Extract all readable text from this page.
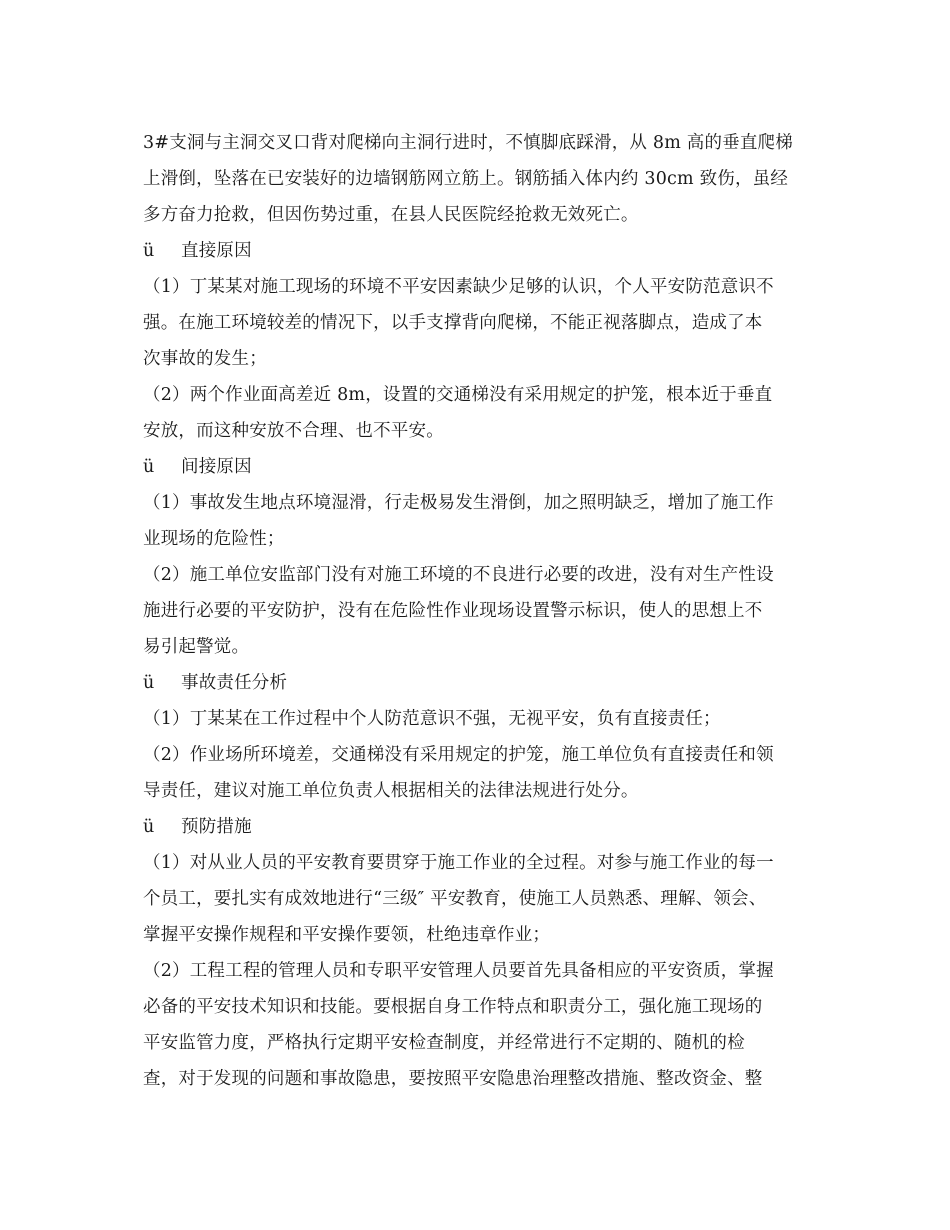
3#支洞与主洞交叉口背对爬梯向主洞行进时，不慎脚底踩滑，从 8m 高的垂直爬梯
上滑倒，坠落在已安装好的边墙钢筋网立筋上。钢筋插入体内约 30cm 致伤，虽经
多方奋力抢救，但因伤势过重，在县人民医院经抢救无效死亡。
ü 直接原因
（1）丁某某对施工现场的环境不平安因素缺少足够的认识，个人平安防范意识不
强。在施工环境较差的情况下，以手支撑背向爬梯，不能正视落脚点，造成了本
次事故的发生；
（2）两个作业面高差近 8m，设置的交通梯没有采用规定的护笼，根本近于垂直
安放，而这种安放不合理、也不平安。
ü 间接原因
（1）事故发生地点环境湿滑，行走极易发生滑倒，加之照明缺乏，增加了施工作
业现场的危险性；
（2）施工单位安监部门没有对施工环境的不良进行必要的改进，没有对生产性设
施进行必要的平安防护，没有在危险性作业现场设置警示标识，使人的思想上不
易引起警觉。
ü 事故责任分析
（1）丁某某在工作过程中个人防范意识不强，无视平安，负有直接责任；
（2）作业场所环境差，交通梯没有采用规定的护笼，施工单位负有直接责任和领
导责任，建议对施工单位负责人根据相关的法律法规进行处分。
ü 预防措施
（1）对从业人员的平安教育要贯穿于施工作业的全过程。对参与施工作业的每一
个员工，要扎实有成效地进行“三级″ 平安教育，使施工人员熟悉、理解、领会、
掌握平安操作规程和平安操作要领，杜绝违章作业；
（2）工程工程的管理人员和专职平安管理人员要首先具备相应的平安资质，掌握
必备的平安技术知识和技能。要根据自身工作特点和职责分工，强化施工现场的
平安监管力度，严格执行定期平安检查制度，并经常进行不定期的、随机的检
查，对于发现的问题和事故隐患，要按照平安隐患治理整改措施、整改资金、整
